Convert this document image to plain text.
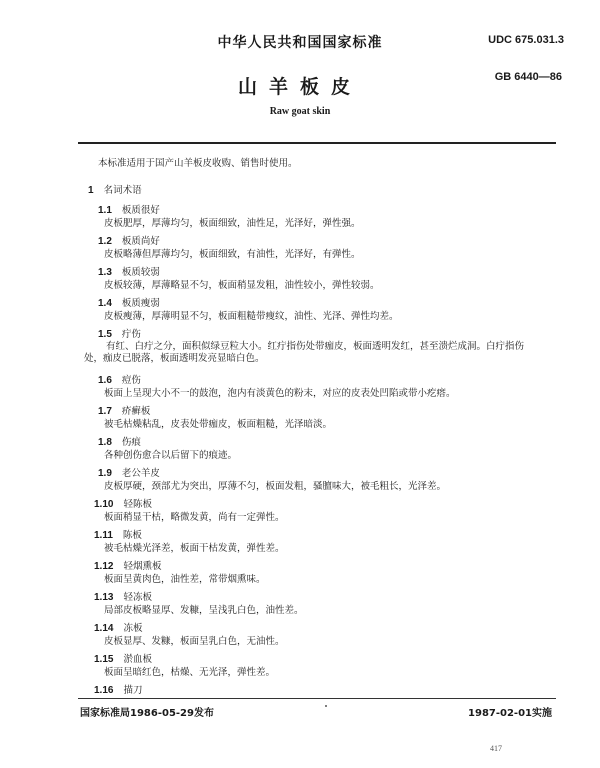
中华人民共和国国家标准	UDC 675.031.3
山羊板皮	GB 6440—86
Raw goat skin
本标准适用于国产山羊板皮收购、销售时使用。
1 名词术语
1.1 板质很好
皮板肥厚，厚薄均匀，板面细致，油性足，光泽好，弹性强。
1.2 板质尚好
皮板略薄但厚薄均匀，板面细致，有油性，光泽好，有弹性。
1.3 板质较弱
皮板较薄，厚薄略显不匀，板面稍显发粗，油性较小，弹性较弱。
1.4 板质瘦弱
皮板瘦薄，厚薄明显不匀，板面粗糙带瘦纹，油性、光泽、弹性均差。
1.5 疔伤
有红、白疔之分，面积似绿豆粒大小。红疔指伤处带痂皮，板面透明发红，甚至溃烂成洞。白疔指伤处，痂皮已脱落，板面透明发亮显暗白色。
1.6 痘伤
板面上呈现大小不一的鼓泡，泡内有淡黄色的粉末，对应的皮表处凹陷或带小疙瘩。
1.7 疥癣板
被毛枯燥粘乱，皮表处带痂皮，板面粗糙，光泽暗淡。
1.8 伤痕
各种创伤愈合以后留下的痕迹。
1.9 老公羊皮
皮板厚硬，颈部尤为突出，厚薄不匀，板面发粗，骚膻味大，被毛粗长，光泽差。
1.10 轻陈板
板面稍显干枯，略微发黄，尚有一定弹性。
1.11 陈板
被毛枯燥光泽差，板面干枯发黄，弹性差。
1.12 轻烟熏板
板面呈黄肉色，油性差，常带烟熏味。
1.13 轻冻板
局部皮板略显厚、发糠，呈浅乳白色，油性差。
1.14 冻板
皮板显厚、发糠，板面呈乳白色，无油性。
1.15 淤血板
板面呈暗红色，枯燥、无光泽，弹性差。
1.16 描刀
国家标准局1986-05-29发布	1987-02-01实施
417
